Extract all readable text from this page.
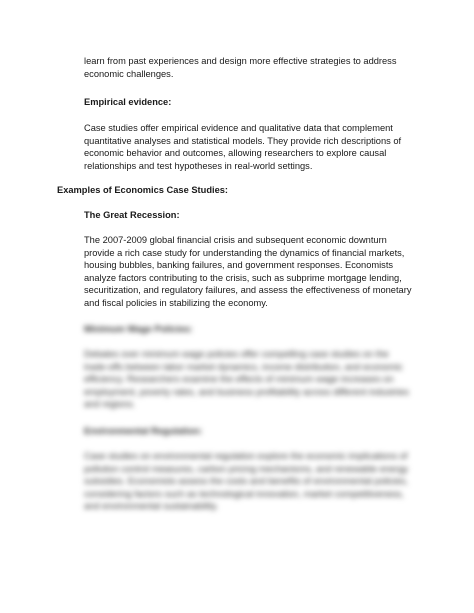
learn from past experiences and design more effective strategies to address
economic challenges.
Empirical evidence:
Case studies offer empirical evidence and qualitative data that complement
quantitative analyses and statistical models. They provide rich descriptions of
economic behavior and outcomes, allowing researchers to explore causal
relationships and test hypotheses in real-world settings.
Examples of Economics Case Studies:
The Great Recession:
The 2007-2009 global financial crisis and subsequent economic downturn
provide a rich case study for understanding the dynamics of financial markets,
housing bubbles, banking failures, and government responses. Economists
analyze factors contributing to the crisis, such as subprime mortgage lending,
securitization, and regulatory failures, and assess the effectiveness of monetary
and fiscal policies in stabilizing the economy.
Minimum Wage Policies:
Debates over minimum wage policies offer compelling case studies on the
trade-offs between labor market dynamics, income distribution, and economic
efficiency. Researchers examine the effects of minimum wage increases on
employment, poverty rates, and business profitability across different industries
and regions.
Environmental Regulation:
Case studies on environmental regulation explore the economic implications of
pollution control measures, carbon pricing mechanisms, and renewable energy
subsidies. Economists assess the costs and benefits of environmental policies,
considering factors such as technological innovation, market competitiveness,
and environmental sustainability.
